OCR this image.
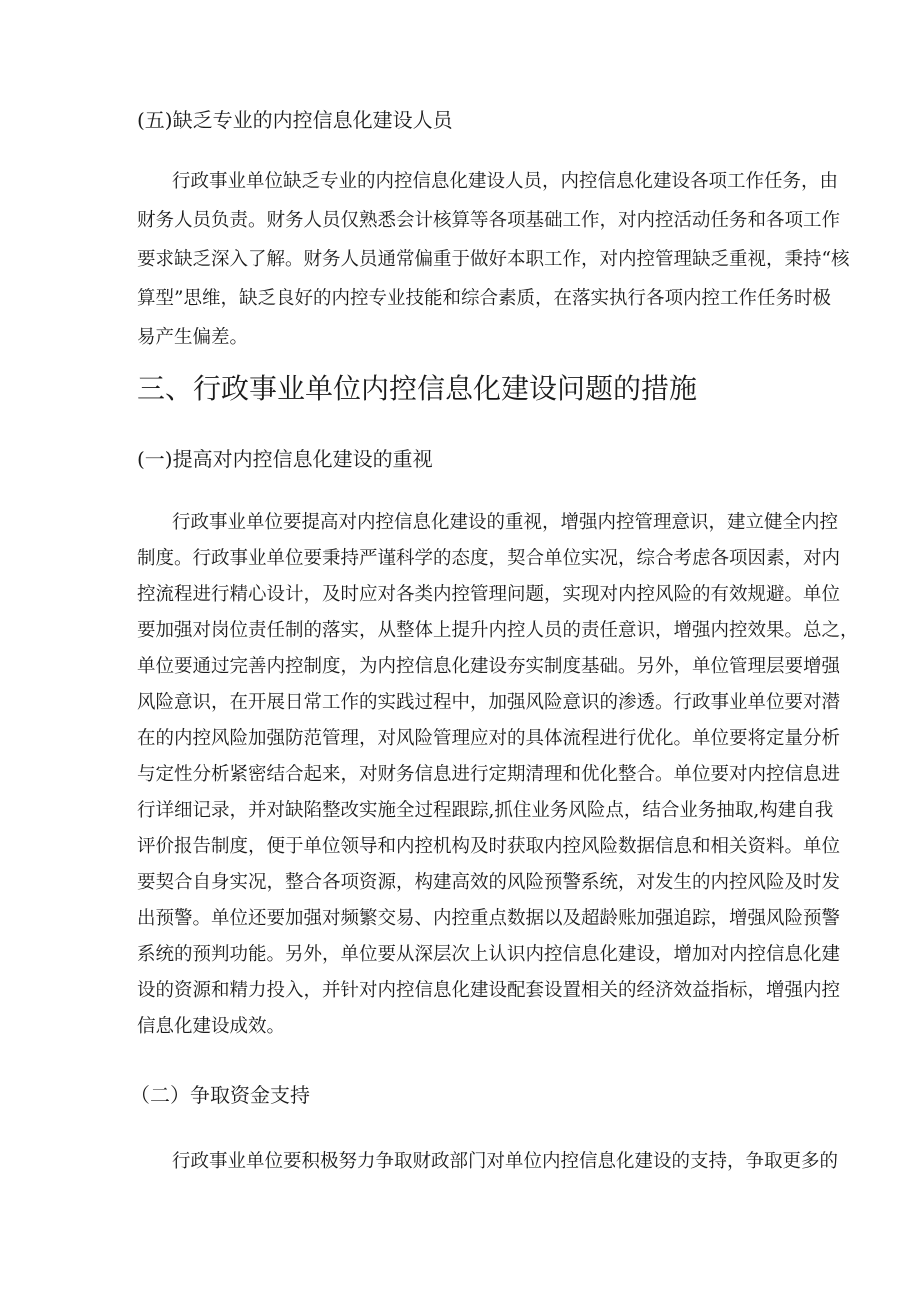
(五)缺乏专业的内控信息化建设人员
行政事业单位缺乏专业的内控信息化建设人员，内控信息化建设各项工作任务，由
财务人员负责。财务人员仅熟悉会计核算等各项基础工作，对内控活动任务和各项工作
要求缺乏深入了解。财务人员通常偏重于做好本职工作，对内控管理缺乏重视，秉持“核
算型”思维，缺乏良好的内控专业技能和综合素质，在落实执行各项内控工作任务时极
易产生偏差。
三、行政事业单位内控信息化建设问题的措施
(一)提高对内控信息化建设的重视
行政事业单位要提高对内控信息化建设的重视，增强内控管理意识，建立健全内控
制度。行政事业单位要秉持严谨科学的态度，契合单位实况，综合考虑各项因素，对内
控流程进行精心设计，及时应对各类内控管理问题，实现对内控风险的有效规避。单位
要加强对岗位责任制的落实，从整体上提升内控人员的责任意识，增强内控效果。总之，
单位要通过完善内控制度，为内控信息化建设夯实制度基础。另外，单位管理层要增强
风险意识，在开展日常工作的实践过程中，加强风险意识的渗透。行政事业单位要对潜
在的内控风险加强防范管理，对风险管理应对的具体流程进行优化。单位要将定量分析
与定性分析紧密结合起来，对财务信息进行定期清理和优化整合。单位要对内控信息进
行详细记录，并对缺陷整改实施全过程跟踪,抓住业务风险点，结合业务抽取,构建自我
评价报告制度，便于单位领导和内控机构及时获取内控风险数据信息和相关资料。单位
要契合自身实况，整合各项资源，构建高效的风险预警系统，对发生的内控风险及时发
出预警。单位还要加强对频繁交易、内控重点数据以及超龄账加强追踪，增强风险预警
系统的预判功能。另外，单位要从深层次上认识内控信息化建设，增加对内控信息化建
设的资源和精力投入，并针对内控信息化建设配套设置相关的经济效益指标，增强内控
信息化建设成效。
（二）争取资金支持
行政事业单位要积极努力争取财政部门对单位内控信息化建设的支持，争取更多的
